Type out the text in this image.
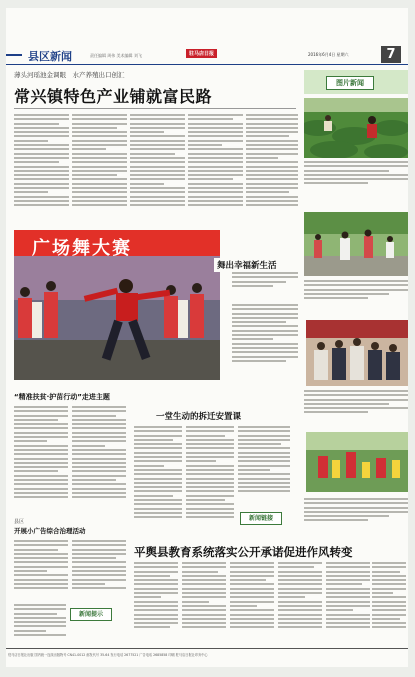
县区新闻	责任编辑 周伟 美术编辑 刘飞	驻马店日报	2016年6月4日 星期六	7
薄头河瑶池金调眼　水产养殖出口创汇
常兴镇特色产业铺就富民路
图片新闻
广场舞大赛
舞出幸福新生活
“精准扶贫·护苗行动”走进主题
县区
开展小广告综合治理活动
一堂生动的拆迁安置课
新闻链接
平舆县教育系统落实公开承诺促进作风转变
新闻提示
驻马店日报社出版 国内统一连续出版物号 CN41-0012 邮发代号 35-64 发行电话 2677521 广告电话 2685858 印刷 驻马店日报社印务中心
